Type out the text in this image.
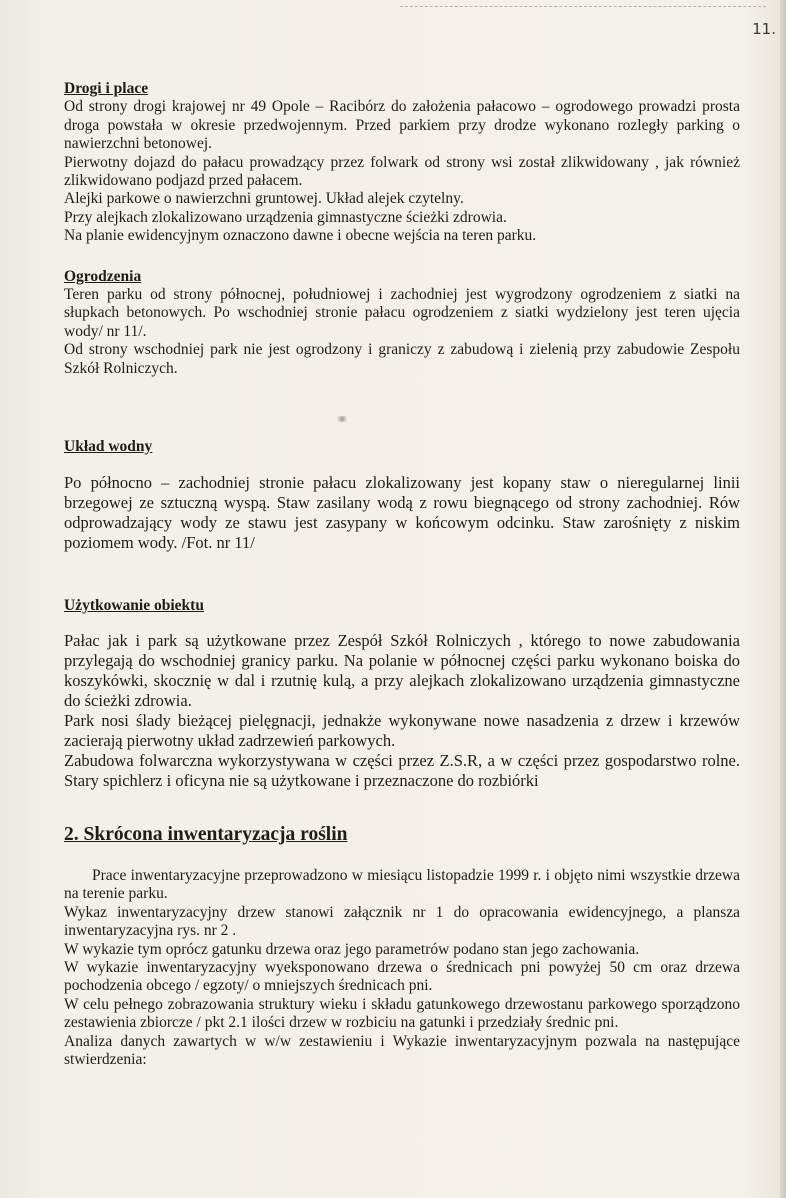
11.
Drogi i place

Od strony drogi krajowej nr 49 Opole – Racibórz do założenia pałacowo – ogrodowego prowadzi prosta droga powstała w okresie przedwojennym. Przed parkiem przy drodze wykonano rozległy parking o nawierzchni betonowej.

Pierwotny dojazd do pałacu prowadzący przez folwark od strony wsi został zlikwidowany , jak również zlikwidowano podjazd przed pałacem.

Alejki parkowe o nawierzchni gruntowej. Układ alejek czytelny.

Przy alejkach zlokalizowano urządzenia gimnastyczne ścieżki zdrowia.

Na planie ewidencyjnym oznaczono dawne i obecne wejścia na teren parku.

Ogrodzenia

Teren parku od strony północnej, południowej i zachodniej jest wygrodzony ogrodzeniem z siatki na słupkach betonowych. Po wschodniej stronie pałacu ogrodzeniem z siatki wydzielony jest teren ujęcia wody/ nr 11/.

Od strony wschodniej park nie jest ogrodzony i graniczy z zabudową i zielenią przy zabudowie Zespołu Szkół Rolniczych.

Układ wodny

Po północno – zachodniej stronie pałacu zlokalizowany jest kopany staw o nieregularnej linii brzegowej ze sztuczną wyspą. Staw zasilany wodą z rowu biegnącego od strony zachodniej. Rów odprowadzający wody ze stawu jest zasypany w końcowym odcinku. Staw zarośnięty z niskim poziomem wody. /Fot. nr 11/

Użytkowanie obiektu

Pałac jak i park są użytkowane przez Zespół Szkół Rolniczych , którego to nowe zabudowania przylegają do wschodniej granicy parku. Na polanie w północnej części parku wykonano boiska do koszykówki, skocznię w dal i rzutnię kulą, a przy alejkach zlokalizowano urządzenia gimnastyczne do ścieżki zdrowia.

Park nosi ślady bieżącej pielęgnacji, jednakże wykonywane nowe nasadzenia z drzew i krzewów zacierają pierwotny układ zadrzewień parkowych.

Zabudowa folwarczna wykorzystywana w części przez Z.S.R, a w części przez gospodarstwo rolne. Stary spichlerz i oficyna nie są użytkowane i przeznaczone do rozbiórki

2. Skrócona inwentaryzacja roślin

Prace inwentaryzacyjne przeprowadzono w miesiącu listopadzie 1999 r. i objęto nimi wszystkie drzewa na terenie parku.

Wykaz inwentaryzacyjny drzew stanowi załącznik nr 1 do opracowania ewidencyjnego, a plansza inwentaryzacyjna rys. nr 2 .

W wykazie tym oprócz gatunku drzewa oraz jego parametrów podano stan jego zachowania.

W wykazie inwentaryzacyjny wyeksponowano drzewa o średnicach pni powyżej 50 cm oraz drzewa pochodzenia obcego / egzoty/ o mniejszych średnicach pni.

W celu pełnego zobrazowania struktury wieku i składu gatunkowego drzewostanu parkowego sporządzono zestawienia zbiorcze / pkt 2.1 ilości drzew w rozbiciu na gatunki i przedziały średnic pni.

Analiza danych zawartych w w/w zestawieniu i Wykazie inwentaryzacyjnym pozwala na następujące stwierdzenia:
